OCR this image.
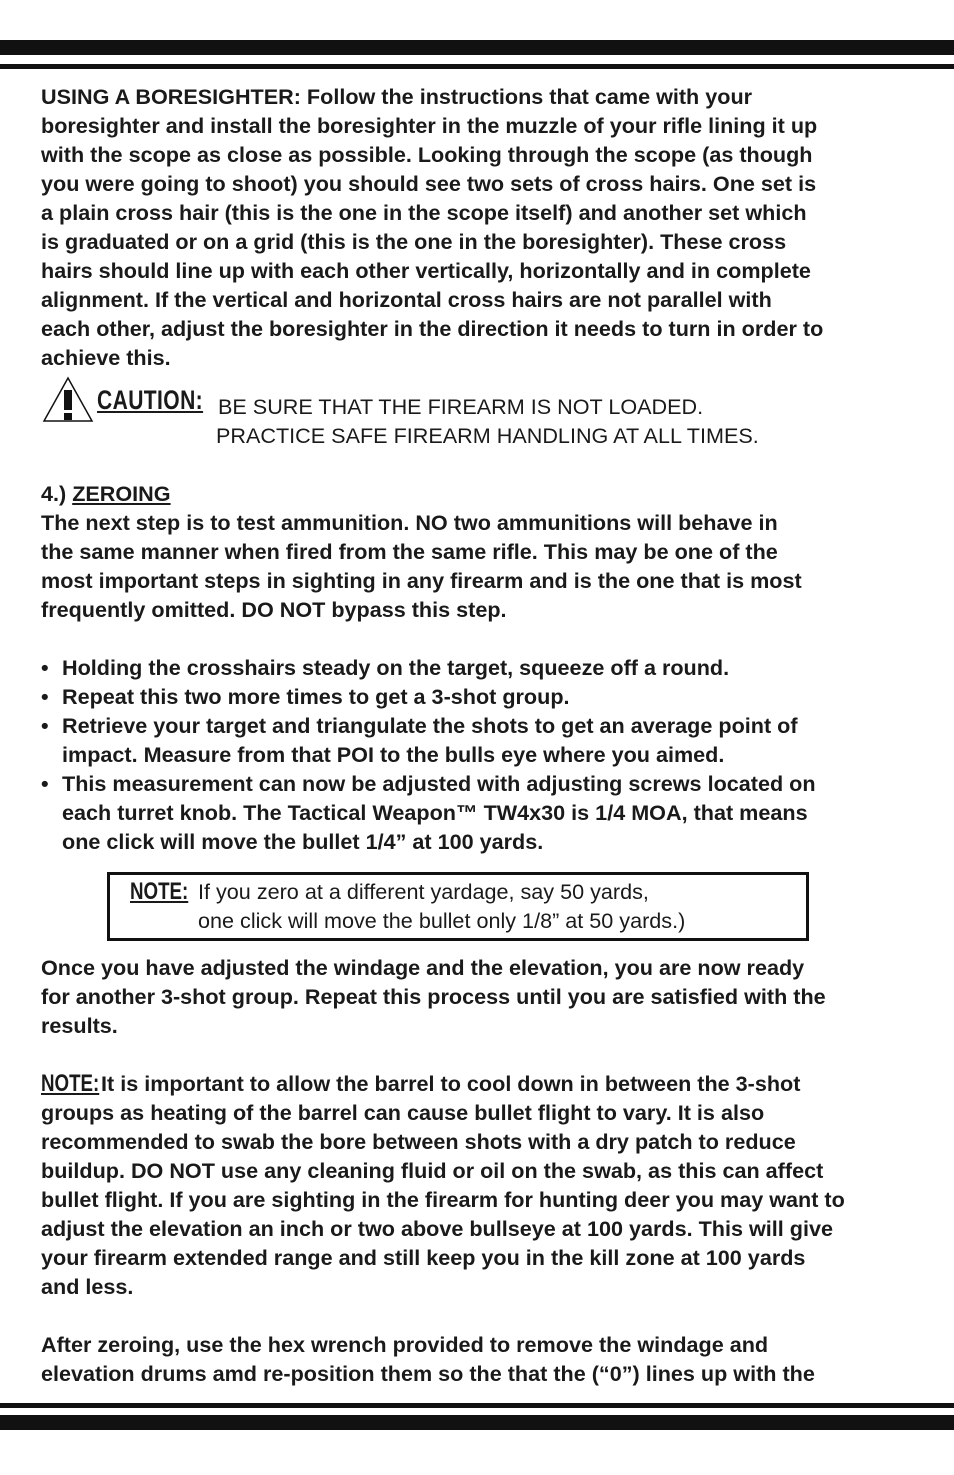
USING A BORESIGHTER: Follow the instructions that came with your

boresighter and install the boresighter in the muzzle of your rifle lining it up

with the scope as close as possible. Looking through the scope (as though

you were going to shoot) you should see two sets of cross hairs. One set is

a plain cross hair (this is the one in the scope itself) and another set which

is graduated or on a grid (this is the one in the boresighter). These cross

hairs should line up with each other vertically, horizontally and in complete

alignment. If the vertical and horizontal cross hairs are not parallel with

each other, adjust the boresighter in the direction it needs to turn in order to

achieve this.

CAUTION: BE SURE THAT THE FIREARM IS NOT LOADED.
PRACTICE SAFE FIREARM HANDLING AT ALL TIMES.

4.) ZEROING

The next step is to test ammunition. NO two ammunitions will behave in

the same manner when fired from the same rifle. This may be one of the

most important steps in sighting in any firearm and is the one that is most

frequently omitted. DO NOT bypass this step.

• Holding the crosshairs steady on the target, squeeze off a round.
• Repeat this two more times to get a 3-shot group.
• Retrieve your target and triangulate the shots to get an average point of
impact. Measure from that POI to the bulls eye where you aimed.
• This measurement can now be adjusted with adjusting screws located on
each turret knob. The Tactical Weapon™ TW4x30 is 1/4 MOA, that means
one click will move the bullet 1/4” at 100 yards.
NOTE: If you zero at a different yardage, say 50 yards,
one click will move the bullet only 1/8” at 50 yards.)

Once you have adjusted the windage and the elevation, you are now ready

for another 3-shot group. Repeat this process until you are satisfied with the

results.

NOTE:It is important to allow the barrel to cool down in between the 3-shot

groups as heating of the barrel can cause bullet flight to vary. It is also

recommended to swab the bore between shots with a dry patch to reduce

buildup. DO NOT use any cleaning fluid or oil on the swab, as this can affect

bullet flight. If you are sighting in the firearm for hunting deer you may want to

adjust the elevation an inch or two above bullseye at 100 yards. This will give

your firearm extended range and still keep you in the kill zone at 100 yards

and less.

After zeroing, use the hex wrench provided to remove the windage and

elevation drums amd re-position them so the that the (“0”) lines up with the
